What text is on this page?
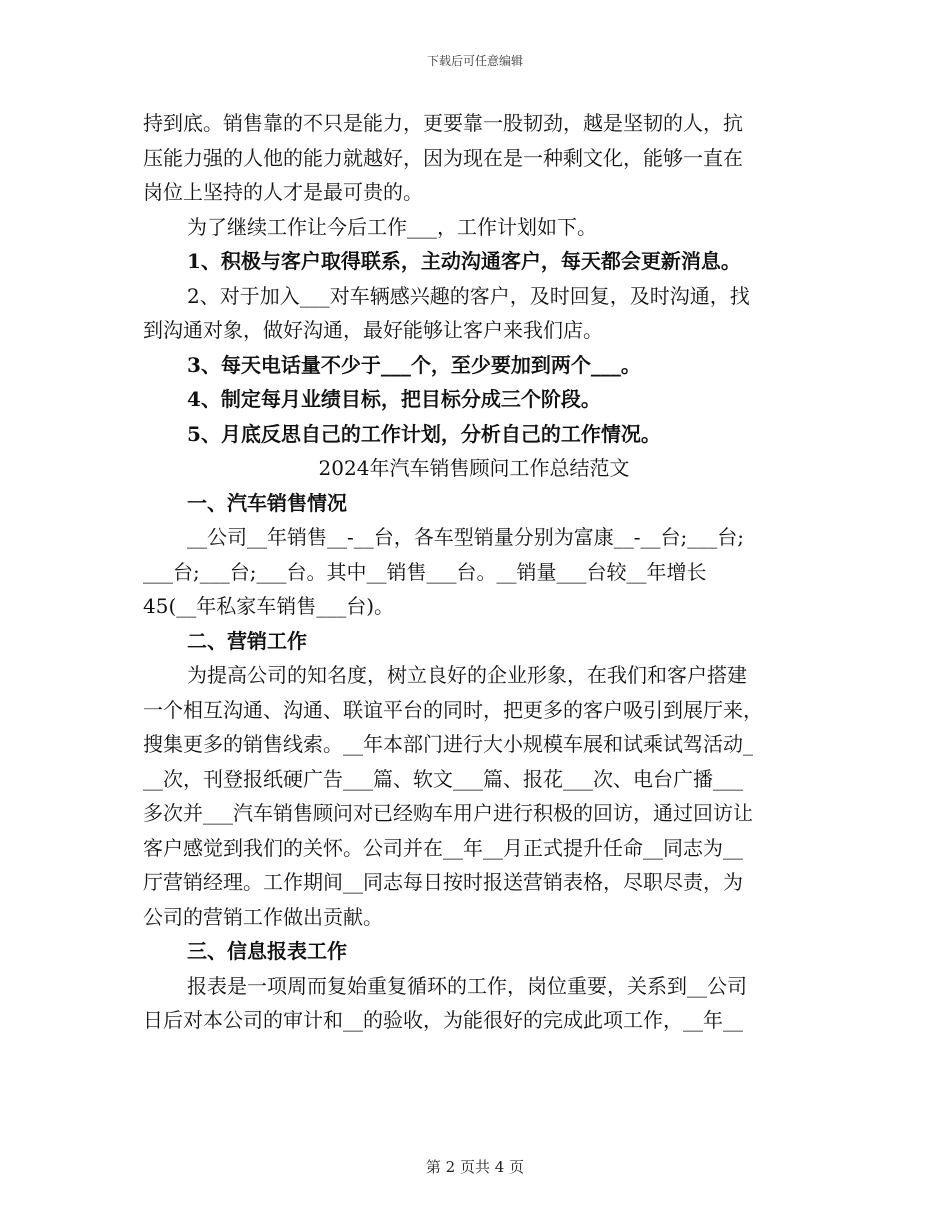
下载后可任意编辑
持到底。销售靠的不只是能力，更要靠一股韧劲，越是坚韧的人，抗
压能力强的人他的能力就越好，因为现在是一种剩文化，能够一直在
岗位上坚持的人才是最可贵的。
为了继续工作让今后工作___，工作计划如下。
1、积极与客户取得联系，主动沟通客户，每天都会更新消息。
2、对于加入___对车辆感兴趣的客户，及时回复，及时沟通，找
到沟通对象，做好沟通，最好能够让客户来我们店。
3、每天电话量不少于___个，至少要加到两个___。
4、制定每月业绩目标，把目标分成三个阶段。
5、月底反思自己的工作计划，分析自己的工作情况。
2024年汽车销售顾问工作总结范文
一、汽车销售情况
__公司__年销售__-__台，各车型销量分别为富康__-__台;___台;
___台;___台;___台。其中__销售___台。__销量___台较__年增长
45(__年私家车销售___台)。
二、营销工作
为提高公司的知名度，树立良好的企业形象，在我们和客户搭建
一个相互沟通、沟通、联谊平台的同时，把更多的客户吸引到展厅来，
搜集更多的销售线索。__年本部门进行大小规模车展和试乘试驾活动_
__次，刊登报纸硬广告___篇、软文___篇、报花___次、电台广播___
多次并___汽车销售顾问对已经购车用户进行积极的回访，通过回访让
客户感觉到我们的关怀。公司并在__年__月正式提升任命__同志为__
厅营销经理。工作期间__同志每日按时报送营销表格，尽职尽责，为
公司的营销工作做出贡献。
三、信息报表工作
报表是一项周而复始重复循环的工作，岗位重要，关系到__公司
日后对本公司的审计和__的验收，为能很好的完成此项工作，__年__
第 2 页共 4 页
